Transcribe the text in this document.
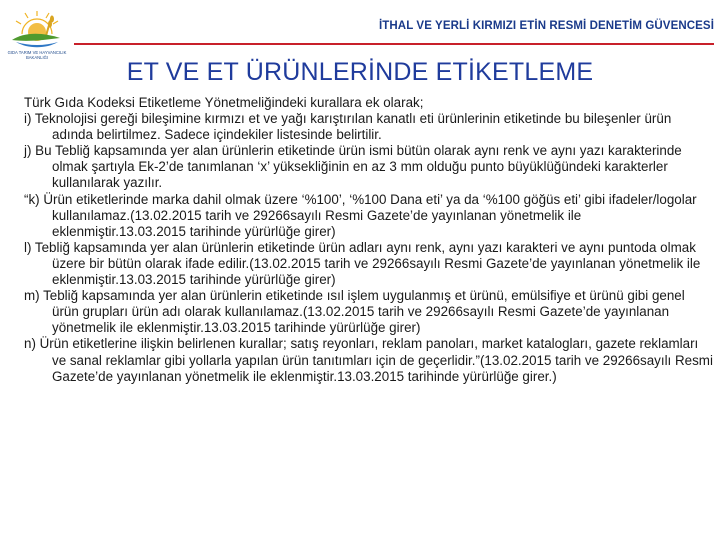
GIDA TARIM VE HAYVANCILIK
BAKANLIĞI
İTHAL VE YERLİ KIRMIZI ETİN RESMİ DENETİM GÜVENCESİ
ET VE ET ÜRÜNLERİNDE ETİKETLEME

Türk Gıda Kodeksi Etiketleme Yönetmeliğindeki kurallara ek olarak;

i) Teknolojisi gereği bileşimine kırmızı et ve yağı karıştırılan kanatlı eti ürünlerinin etiketinde bu bileşenler ürün adında belirtilmez. Sadece içindekiler listesinde belirtilir.

j) Bu Tebliğ kapsamında yer alan ürünlerin etiketinde ürün ismi bütün olarak aynı renk ve aynı yazı karakterinde olmak şartıyla Ek-2’de tanımlanan ‘x’ yüksekliğinin en az 3 mm olduğu punto büyüklüğündeki karakterler kullanılarak yazılır.

“k) Ürün etiketlerinde marka dahil olmak üzere ‘%100’, ‘%100 Dana eti’ ya da ‘%100 göğüs eti’ gibi ifadeler/logolar kullanılamaz.(13.02.2015 tarih ve 29266sayılı Resmi Gazete’de yayınlanan yönetmelik ile eklenmiştir.13.03.2015 tarihinde yürürlüğe girer)

l) Tebliğ kapsamında yer alan ürünlerin etiketinde ürün adları aynı renk, aynı yazı karakteri ve aynı puntoda olmak üzere bir bütün olarak ifade edilir.(13.02.2015 tarih ve 29266sayılı Resmi Gazete’de yayınlanan yönetmelik ile eklenmiştir.13.03.2015 tarihinde yürürlüğe girer)

m) Tebliğ kapsamında yer alan ürünlerin etiketinde ısıl işlem uygulanmış et ürünü, emülsifiye et ürünü gibi genel ürün grupları ürün adı olarak kullanılamaz.(13.02.2015 tarih ve 29266sayılı Resmi Gazete’de yayınlanan yönetmelik ile eklenmiştir.13.03.2015 tarihinde yürürlüğe girer)

n) Ürün etiketlerine ilişkin belirlenen kurallar; satış reyonları, reklam panoları, market katalogları, gazete reklamları ve sanal reklamlar gibi yollarla yapılan ürün tanıtımları için de geçerlidir.”(13.02.2015 tarih ve 29266sayılı Resmi Gazete’de yayınlanan yönetmelik ile eklenmiştir.13.03.2015 tarihinde yürürlüğe girer.)
